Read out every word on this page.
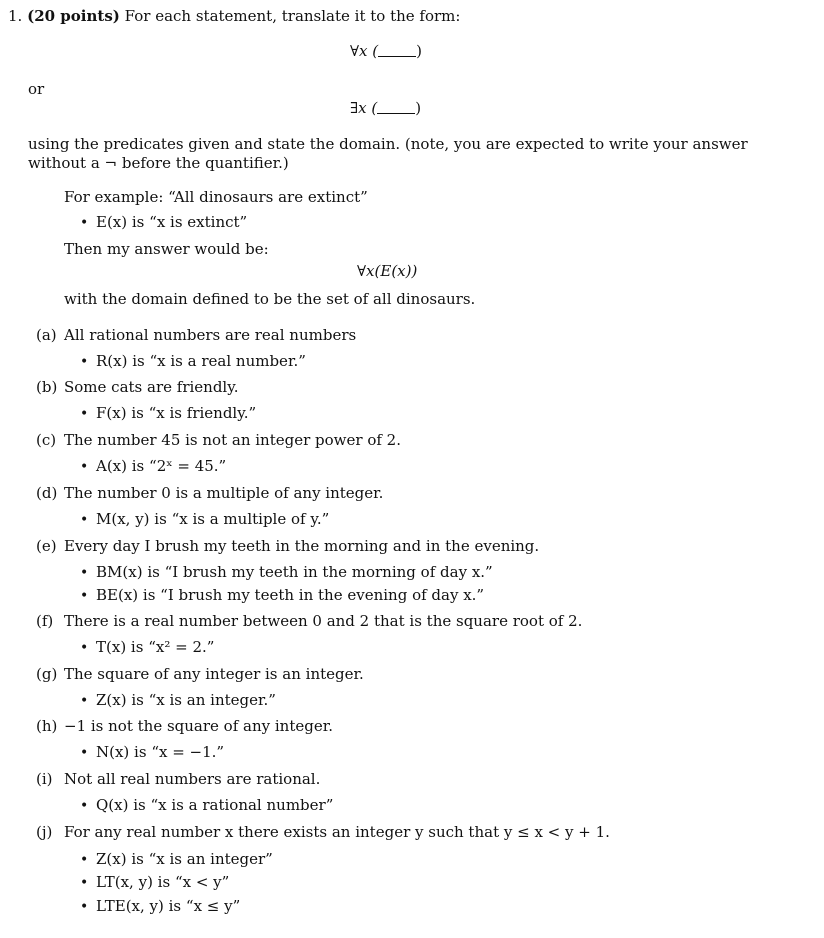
1. (20 points) For each statement, translate it to the form:
∀x (	)
or
∃x (	)
using the predicates given and state the domain. (note, you are expected to write your answer without a ¬ before the quantifier.)
For example: “All dinosaurs are extinct”
• E(x) is “x is extinct”
Then my answer would be:
∀x(E(x))
with the domain defined to be the set of all dinosaurs.
(a) All rational numbers are real numbers
• R(x) is “x is a real number.”
(b) Some cats are friendly.
• F(x) is “x is friendly.”
(c) The number 45 is not an integer power of 2.
• A(x) is “2ˣ = 45.”
(d) The number 0 is a multiple of any integer.
• M(x, y) is “x is a multiple of y.”
(e) Every day I brush my teeth in the morning and in the evening.
• BM(x) is “I brush my teeth in the morning of day x.”
• BE(x) is “I brush my teeth in the evening of day x.”
(f) There is a real number between 0 and 2 that is the square root of 2.
• T(x) is “x² = 2.”
(g) The square of any integer is an integer.
• Z(x) is “x is an integer.”
(h) −1 is not the square of any integer.
• N(x) is “x = −1.”
(i) Not all real numbers are rational.
• Q(x) is “x is a rational number”
(j) For any real number x there exists an integer y such that y ≤ x < y + 1.
• Z(x) is “x is an integer”
• LT(x, y) is “x < y”
• LTE(x, y) is “x ≤ y”
